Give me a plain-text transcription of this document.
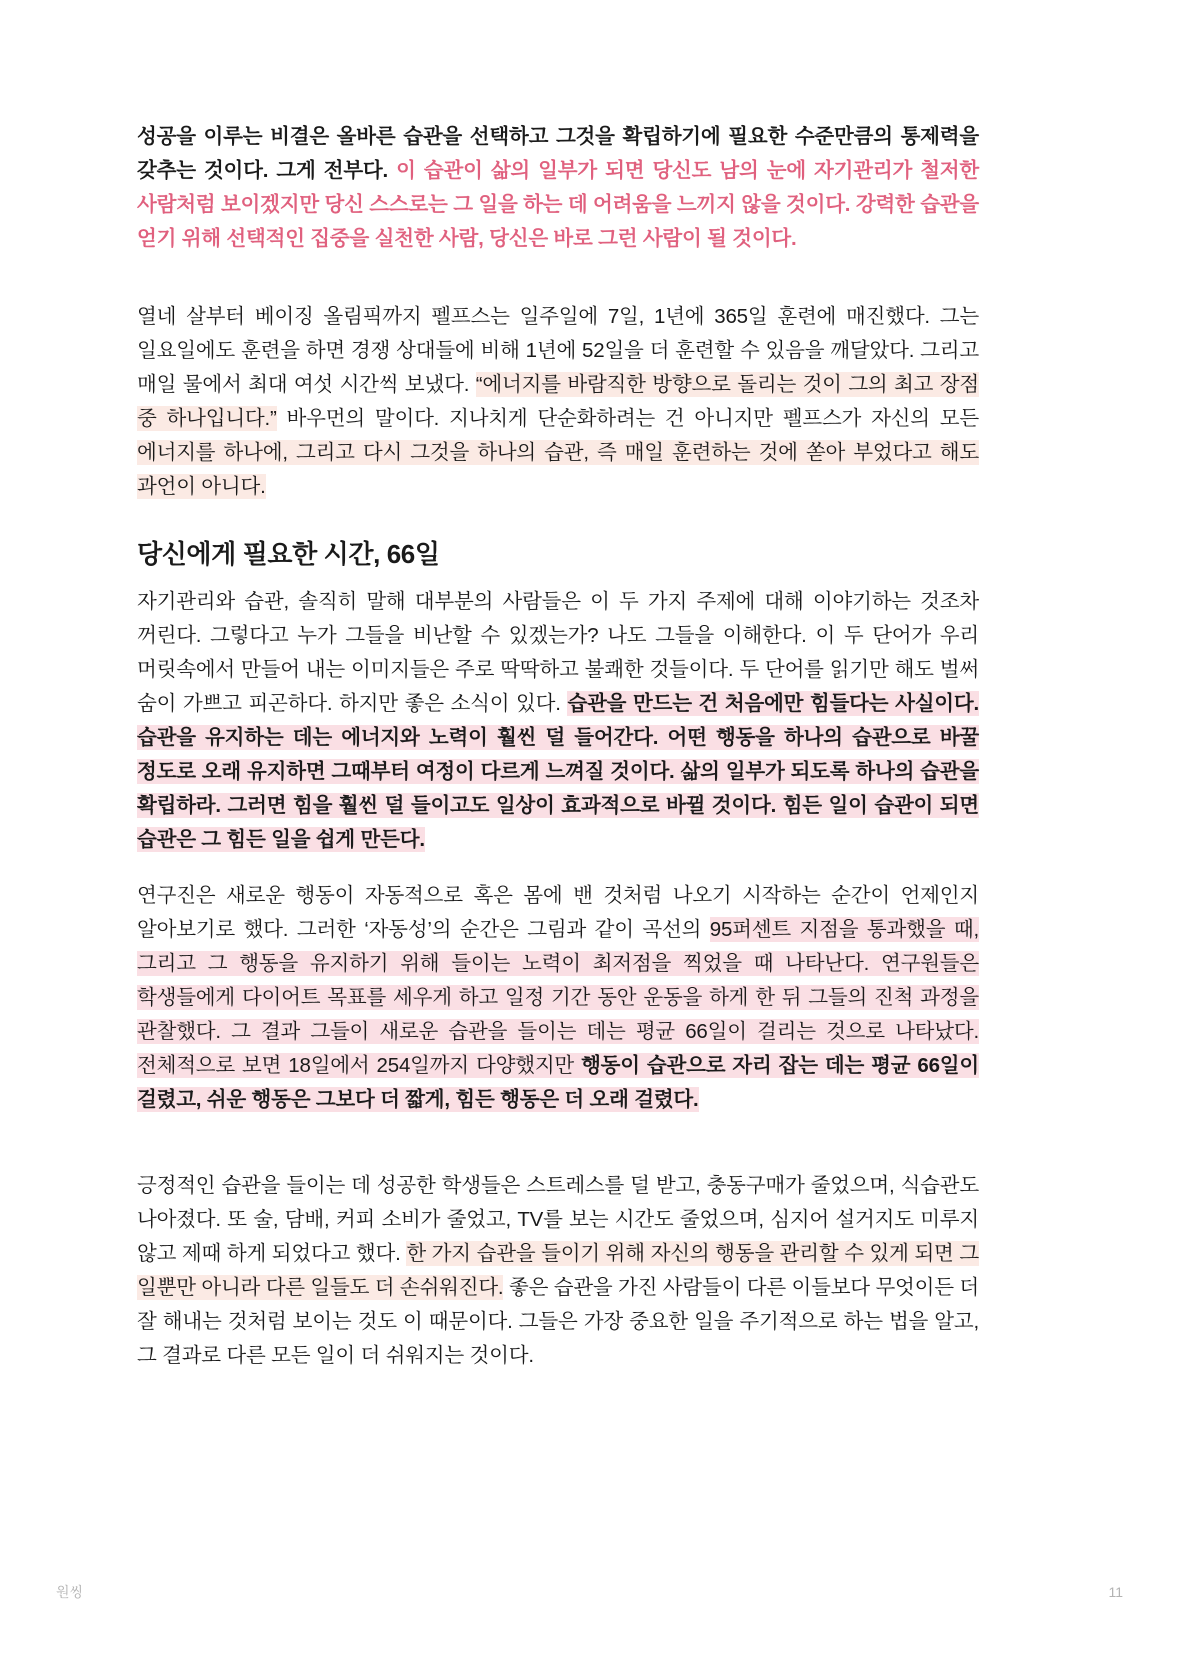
성공을 이루는 비결은 올바른 습관을 선택하고 그것을 확립하기에 필요한 수준만큼의 통제력을 갖추는 것이다. 그게 전부다. 이 습관이 삶의 일부가 되면 당신도 남의 눈에 자기관리가 철저한 사람처럼 보이겠지만 당신 스스로는 그 일을 하는 데 어려움을 느끼지 않을 것이다. 강력한 습관을 얻기 위해 선택적인 집중을 실천한 사람, 당신은 바로 그런 사람이 될 것이다.

열네 살부터 베이징 올림픽까지 펠프스는 일주일에 7일, 1년에 365일 훈련에 매진했다. 그는 일요일에도 훈련을 하면 경쟁 상대들에 비해 1년에 52일을 더 훈련할 수 있음을 깨달았다. 그리고 매일 물에서 최대 여섯 시간씩 보냈다. “에너지를 바람직한 방향으로 돌리는 것이 그의 최고 장점 중 하나입니다.” 바우먼의 말이다. 지나치게 단순화하려는 건 아니지만 펠프스가 자신의 모든 에너지를 하나에, 그리고 다시 그것을 하나의 습관, 즉 매일 훈련하는 것에 쏟아 부었다고 해도 과언이 아니다.

당신에게 필요한 시간, 66일

자기관리와 습관, 솔직히 말해 대부분의 사람들은 이 두 가지 주제에 대해 이야기하는 것조차 꺼린다. 그렇다고 누가 그들을 비난할 수 있겠는가? 나도 그들을 이해한다. 이 두 단어가 우리 머릿속에서 만들어 내는 이미지들은 주로 딱딱하고 불쾌한 것들이다. 두 단어를 읽기만 해도 벌써 숨이 가쁘고 피곤하다. 하지만 좋은 소식이 있다. 습관을 만드는 건 처음에만 힘들다는 사실이다. 습관을 유지하는 데는 에너지와 노력이 훨씬 덜 들어간다. 어떤 행동을 하나의 습관으로 바꿀 정도로 오래 유지하면 그때부터 여정이 다르게 느껴질 것이다. 삶의 일부가 되도록 하나의 습관을 확립하라. 그러면 힘을 훨씬 덜 들이고도 일상이 효과적으로 바뀔 것이다. 힘든 일이 습관이 되면 습관은 그 힘든 일을 쉽게 만든다.

연구진은 새로운 행동이 자동적으로 혹은 몸에 밴 것처럼 나오기 시작하는 순간이 언제인지 알아보기로 했다. 그러한 ‘자동성’의 순간은 그림과 같이 곡선의 95퍼센트 지점을 통과했을 때, 그리고 그 행동을 유지하기 위해 들이는 노력이 최저점을 찍었을 때 나타난다. 연구원들은 학생들에게 다이어트 목표를 세우게 하고 일정 기간 동안 운동을 하게 한 뒤 그들의 진척 과정을 관찰했다. 그 결과 그들이 새로운 습관을 들이는 데는 평균 66일이 걸리는 것으로 나타났다. 전체적으로 보면 18일에서 254일까지 다양했지만 행동이 습관으로 자리 잡는 데는 평균 66일이 걸렸고, 쉬운 행동은 그보다 더 짧게, 힘든 행동은 더 오래 걸렸다.

긍정적인 습관을 들이는 데 성공한 학생들은 스트레스를 덜 받고, 충동구매가 줄었으며, 식습관도 나아졌다. 또 술, 담배, 커피 소비가 줄었고, TV를 보는 시간도 줄었으며, 심지어 설거지도 미루지 않고 제때 하게 되었다고 했다. 한 가지 습관을 들이기 위해 자신의 행동을 관리할 수 있게 되면 그 일뿐만 아니라 다른 일들도 더 손쉬워진다. 좋은 습관을 가진 사람들이 다른 이들보다 무엇이든 더 잘 해내는 것처럼 보이는 것도 이 때문이다. 그들은 가장 중요한 일을 주기적으로 하는 법을 알고, 그 결과로 다른 모든 일이 더 쉬워지는 것이다.

원씽	11
